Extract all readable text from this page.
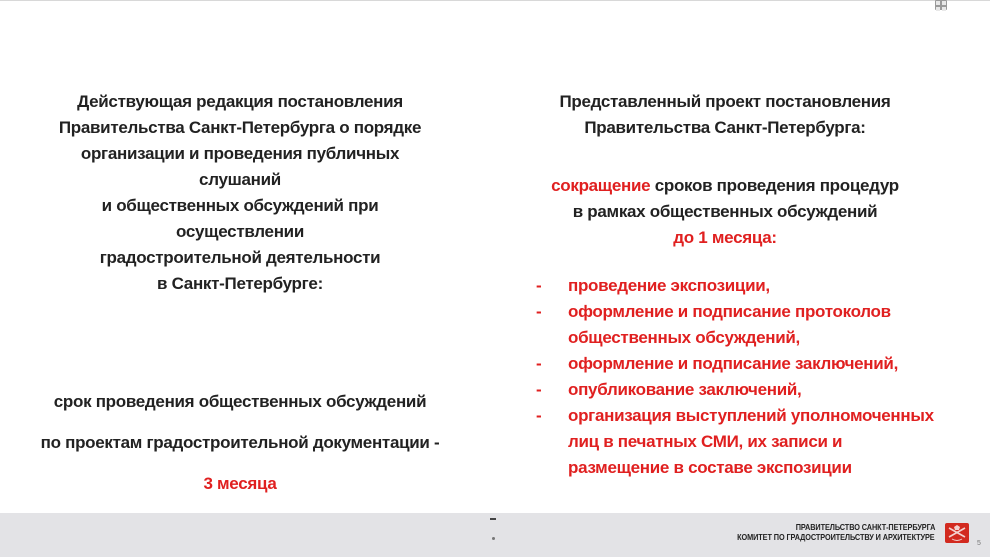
Действующая редакция постановления
Правительства Санкт-Петербурга о порядке
организации и проведения публичных слушаний
и общественных обсуждений при осуществлении
градостроительной деятельности
в Санкт-Петербурге:
срок проведения общественных обсуждений
по проектам градостроительной документации -
3 месяца
Представленный проект постановления
Правительства Санкт-Петербурга:
сокращение сроков проведения процедур
в рамках общественных обсуждений
до 1 месяца:
-	проведение экспозиции,
-	оформление и подписание протоколов общественных обсуждений,
-	оформление и подписание заключений,
-	опубликование заключений,
-	организация выступлений уполномоченных лиц в печатных СМИ, их записи и размещение в составе экспозиции
ПРАВИТЕЛЬСТВО САНКТ-ПЕТЕРБУРГА
КОМИТЕТ ПО ГРАДОСТРОИТЕЛЬСТВУ И АРХИТЕКТУРЕ
5
